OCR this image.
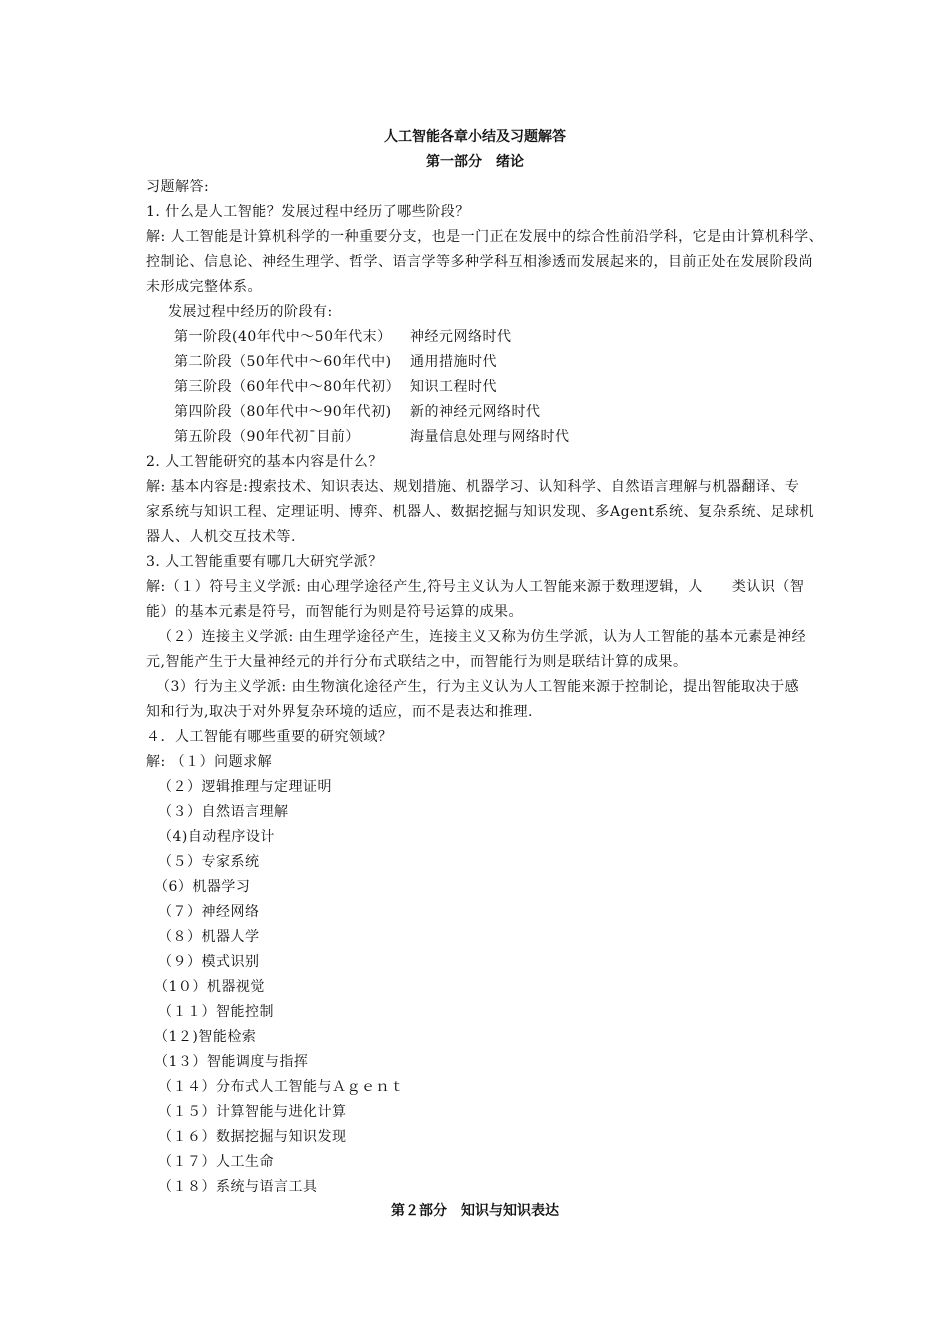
人工智能各章小结及习题解答
第一部分　绪论
习题解答:
1. 什么是人工智能？发展过程中经历了哪些阶段？
解: 人工智能是计算机科学的一种重要分支，也是一门正在发展中的综合性前沿学科，它是由计算机科学、
控制论、信息论、神经生理学、哲学、语言学等多种学科互相渗透而发展起来的，目前正处在发展阶段尚
未形成完整体系。
发展过程中经历的阶段有:
第一阶段(40年代中～50年代末） 神经元网络时代
第二阶段（50年代中～60年代中) 通用措施时代
第三阶段（60年代中～80年代初） 知识工程时代
第四阶段（80年代中～90年代初) 新的神经元网络时代
第五阶段（90年代初¯目前）	海量信息处理与网络时代
2. 人工智能研究的基本内容是什么？
解: 基本内容是:搜索技术、知识表达、规划措施、机器学习、认知科学、自然语言理解与机器翻译、专
家系统与知识工程、定理证明、博弈、机器人、数据挖掘与知识发现、多Agent系统、复杂系统、足球机
器人、人机交互技术等.
3. 人工智能重要有哪几大研究学派？
解:（１）符号主义学派: 由心理学途径产生,符号主义认为人工智能来源于数理逻辑，人　　类认识（智
能）的基本元素是符号，而智能行为则是符号运算的成果。
（２）连接主义学派: 由生理学途径产生，连接主义又称为仿生学派，认为人工智能的基本元素是神经
元,智能产生于大量神经元的并行分布式联结之中，而智能行为则是联结计算的成果。
（3）行为主义学派: 由生物演化途径产生，行为主义认为人工智能来源于控制论，提出智能取决于感
知和行为,取决于对外界复杂环境的适应，而不是表达和推理.
４．人工智能有哪些重要的研究领域？
解: （１）问题求解
（２）逻辑推理与定理证明
（３）自然语言理解
（4)自动程序设计
（５）专家系统
（6）机器学习
（７）神经网络
（８）机器人学
（９）模式识别
（1０）机器视觉
（１１）智能控制
（1２)智能检索
（1３）智能调度与指挥
（１４）分布式人工智能与Ａｇｅｎｔ
（１５）计算智能与进化计算
（１６）数据挖掘与知识发现
（１７）人工生命
（１８）系统与语言工具
第２部分　知识与知识表达
